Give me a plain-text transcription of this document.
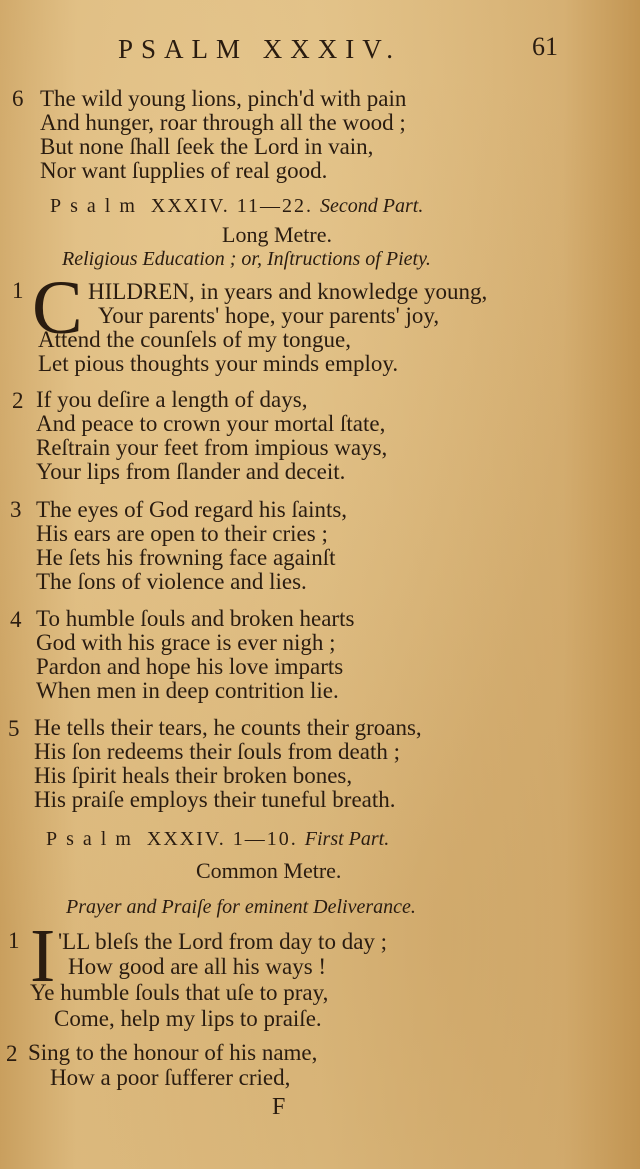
PSALM XXXIV.	61
6 The wild young lions, pinch'd with pain
And hunger, roar through all the wood ;
But none ſhall ſeek the Lord in vain,
Nor want ſupplies of real good.
Psalm XXXIV. 11—22. Second Part.
Long Metre.
Religious Education ; or, Inſtructions of Piety.
1 C HILDREN, in years and knowledge young,
Your parents' hope, your parents' joy,
Attend the counſels of my tongue,
Let pious thoughts your minds employ.
2 If you deſire a length of days,
And peace to crown your mortal ſtate,
Reſtrain your feet from impious ways,
Your lips from ſlander and deceit.
3 The eyes of God regard his ſaints,
His ears are open to their cries ;
He ſets his frowning face againſt
The ſons of violence and lies.
4 To humble ſouls and broken hearts
God with his grace is ever nigh ;
Pardon and hope his love imparts
When men in deep contrition lie.
5 He tells their tears, he counts their groans,
His ſon redeems their ſouls from death ;
His ſpirit heals their broken bones,
His praiſe employs their tuneful breath.
Psalm XXXIV. 1—10. First Part.
Common Metre.
Prayer and Praiſe for eminent Deliverance.
1 I 'LL bleſs the Lord from day to day ;
How good are all his ways !
Ye humble ſouls that uſe to pray,
Come, help my lips to praiſe.
2 Sing to the honour of his name,
How a poor ſufferer cried,
F
